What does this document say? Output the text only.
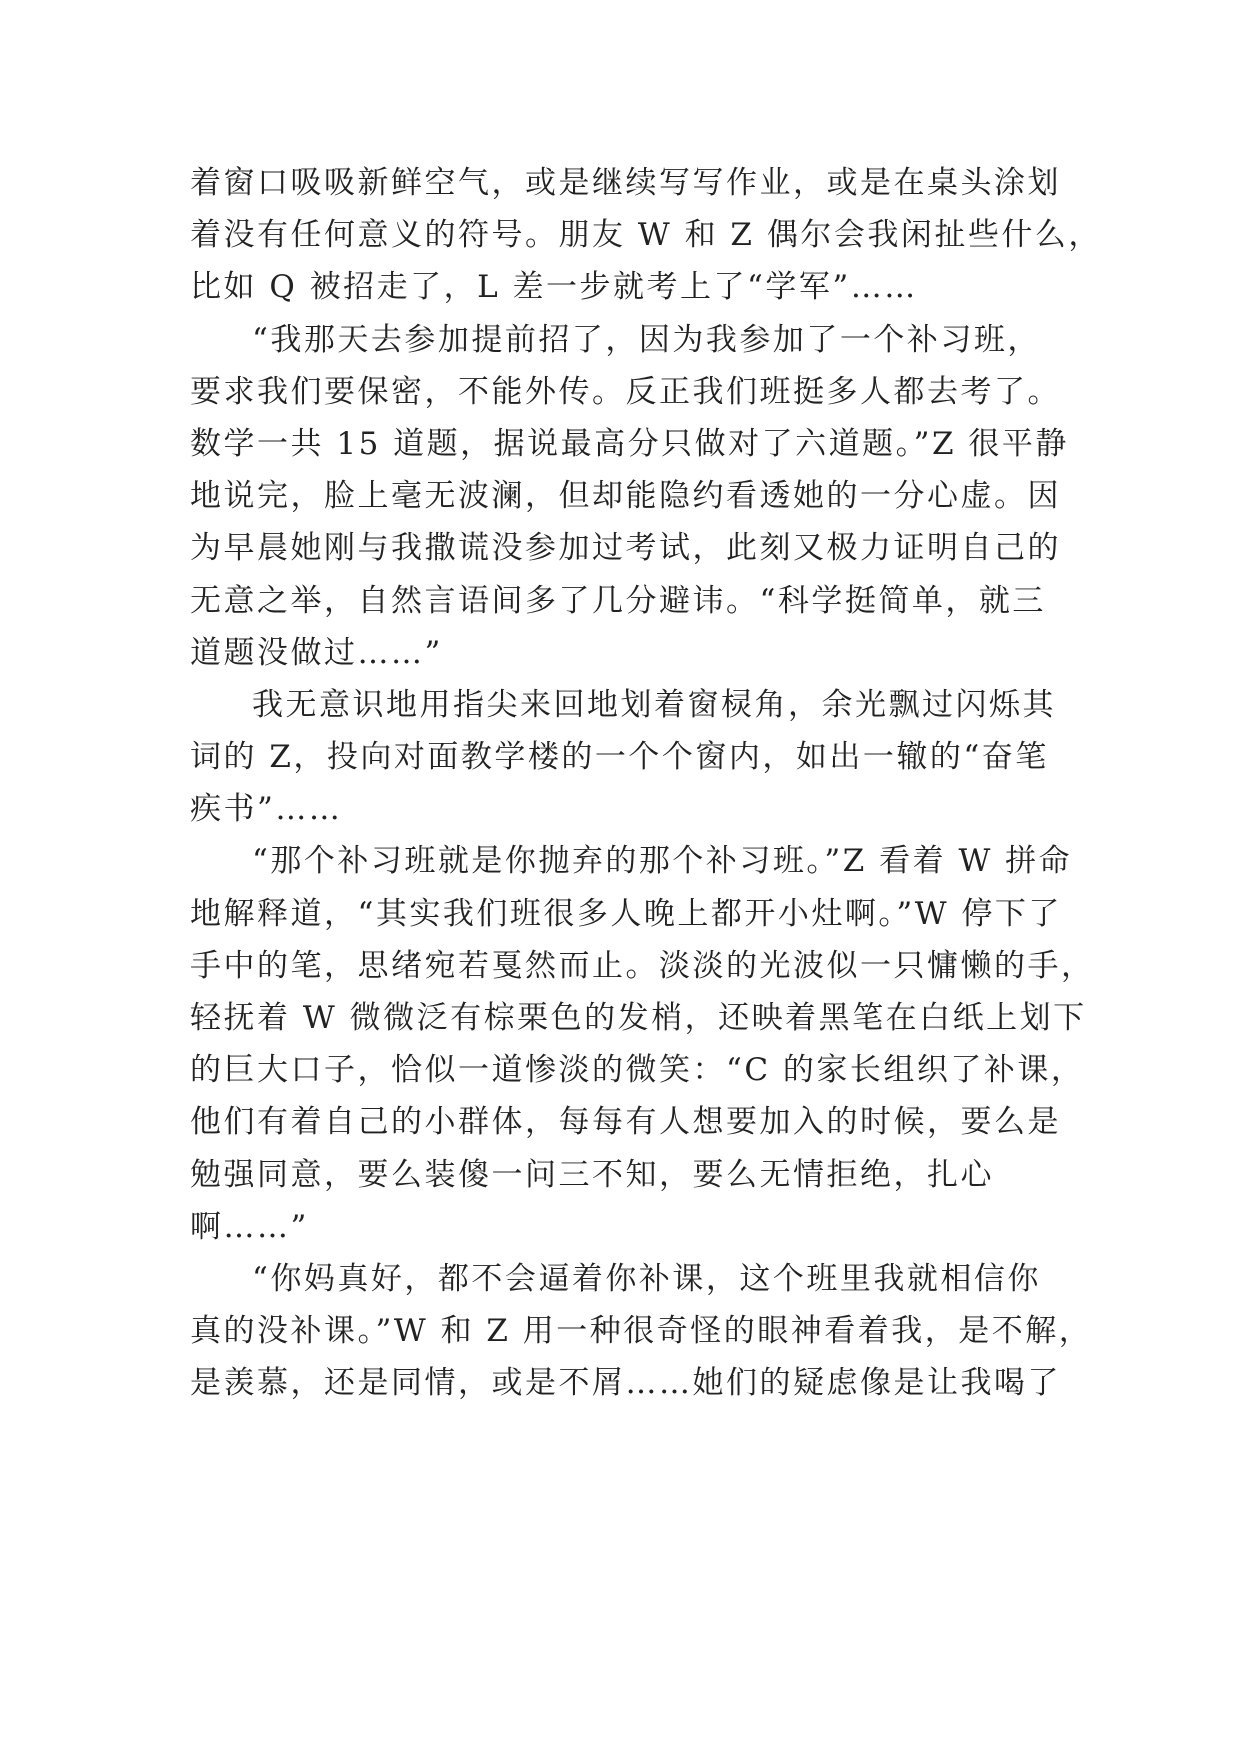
着窗口吸吸新鲜空气，或是继续写写作业，或是在桌头涂划
着没有任何意义的符号。朋友 W 和 Z 偶尔会我闲扯些什么，
比如 Q 被招走了，L 差一步就考上了“学军”……
“我那天去参加提前招了，因为我参加了一个补习班，
要求我们要保密，不能外传。反正我们班挺多人都去考了。
数学一共 15 道题，据说最高分只做对了六道题。”Z 很平静
地说完，脸上毫无波澜，但却能隐约看透她的一分心虚。因
为早晨她刚与我撒谎没参加过考试，此刻又极力证明自己的
无意之举，自然言语间多了几分避讳。“科学挺简单，就三
道题没做过……”
我无意识地用指尖来回地划着窗棂角，余光飘过闪烁其
词的 Z，投向对面教学楼的一个个窗内，如出一辙的“奋笔
疾书”……
“那个补习班就是你抛弃的那个补习班。”Z 看着 W 拼命
地解释道，“其实我们班很多人晚上都开小灶啊。”W 停下了
手中的笔，思绪宛若戛然而止。淡淡的光波似一只慵懒的手，
轻抚着 W 微微泛有棕栗色的发梢，还映着黑笔在白纸上划下
的巨大口子，恰似一道惨淡的微笑：“C 的家长组织了补课，
他们有着自己的小群体，每每有人想要加入的时候，要么是
勉强同意，要么装傻一问三不知，要么无情拒绝，扎心
啊……”
“你妈真好，都不会逼着你补课，这个班里我就相信你
真的没补课。”W 和 Z 用一种很奇怪的眼神看着我，是不解，
是羡慕，还是同情，或是不屑……她们的疑虑像是让我喝了
